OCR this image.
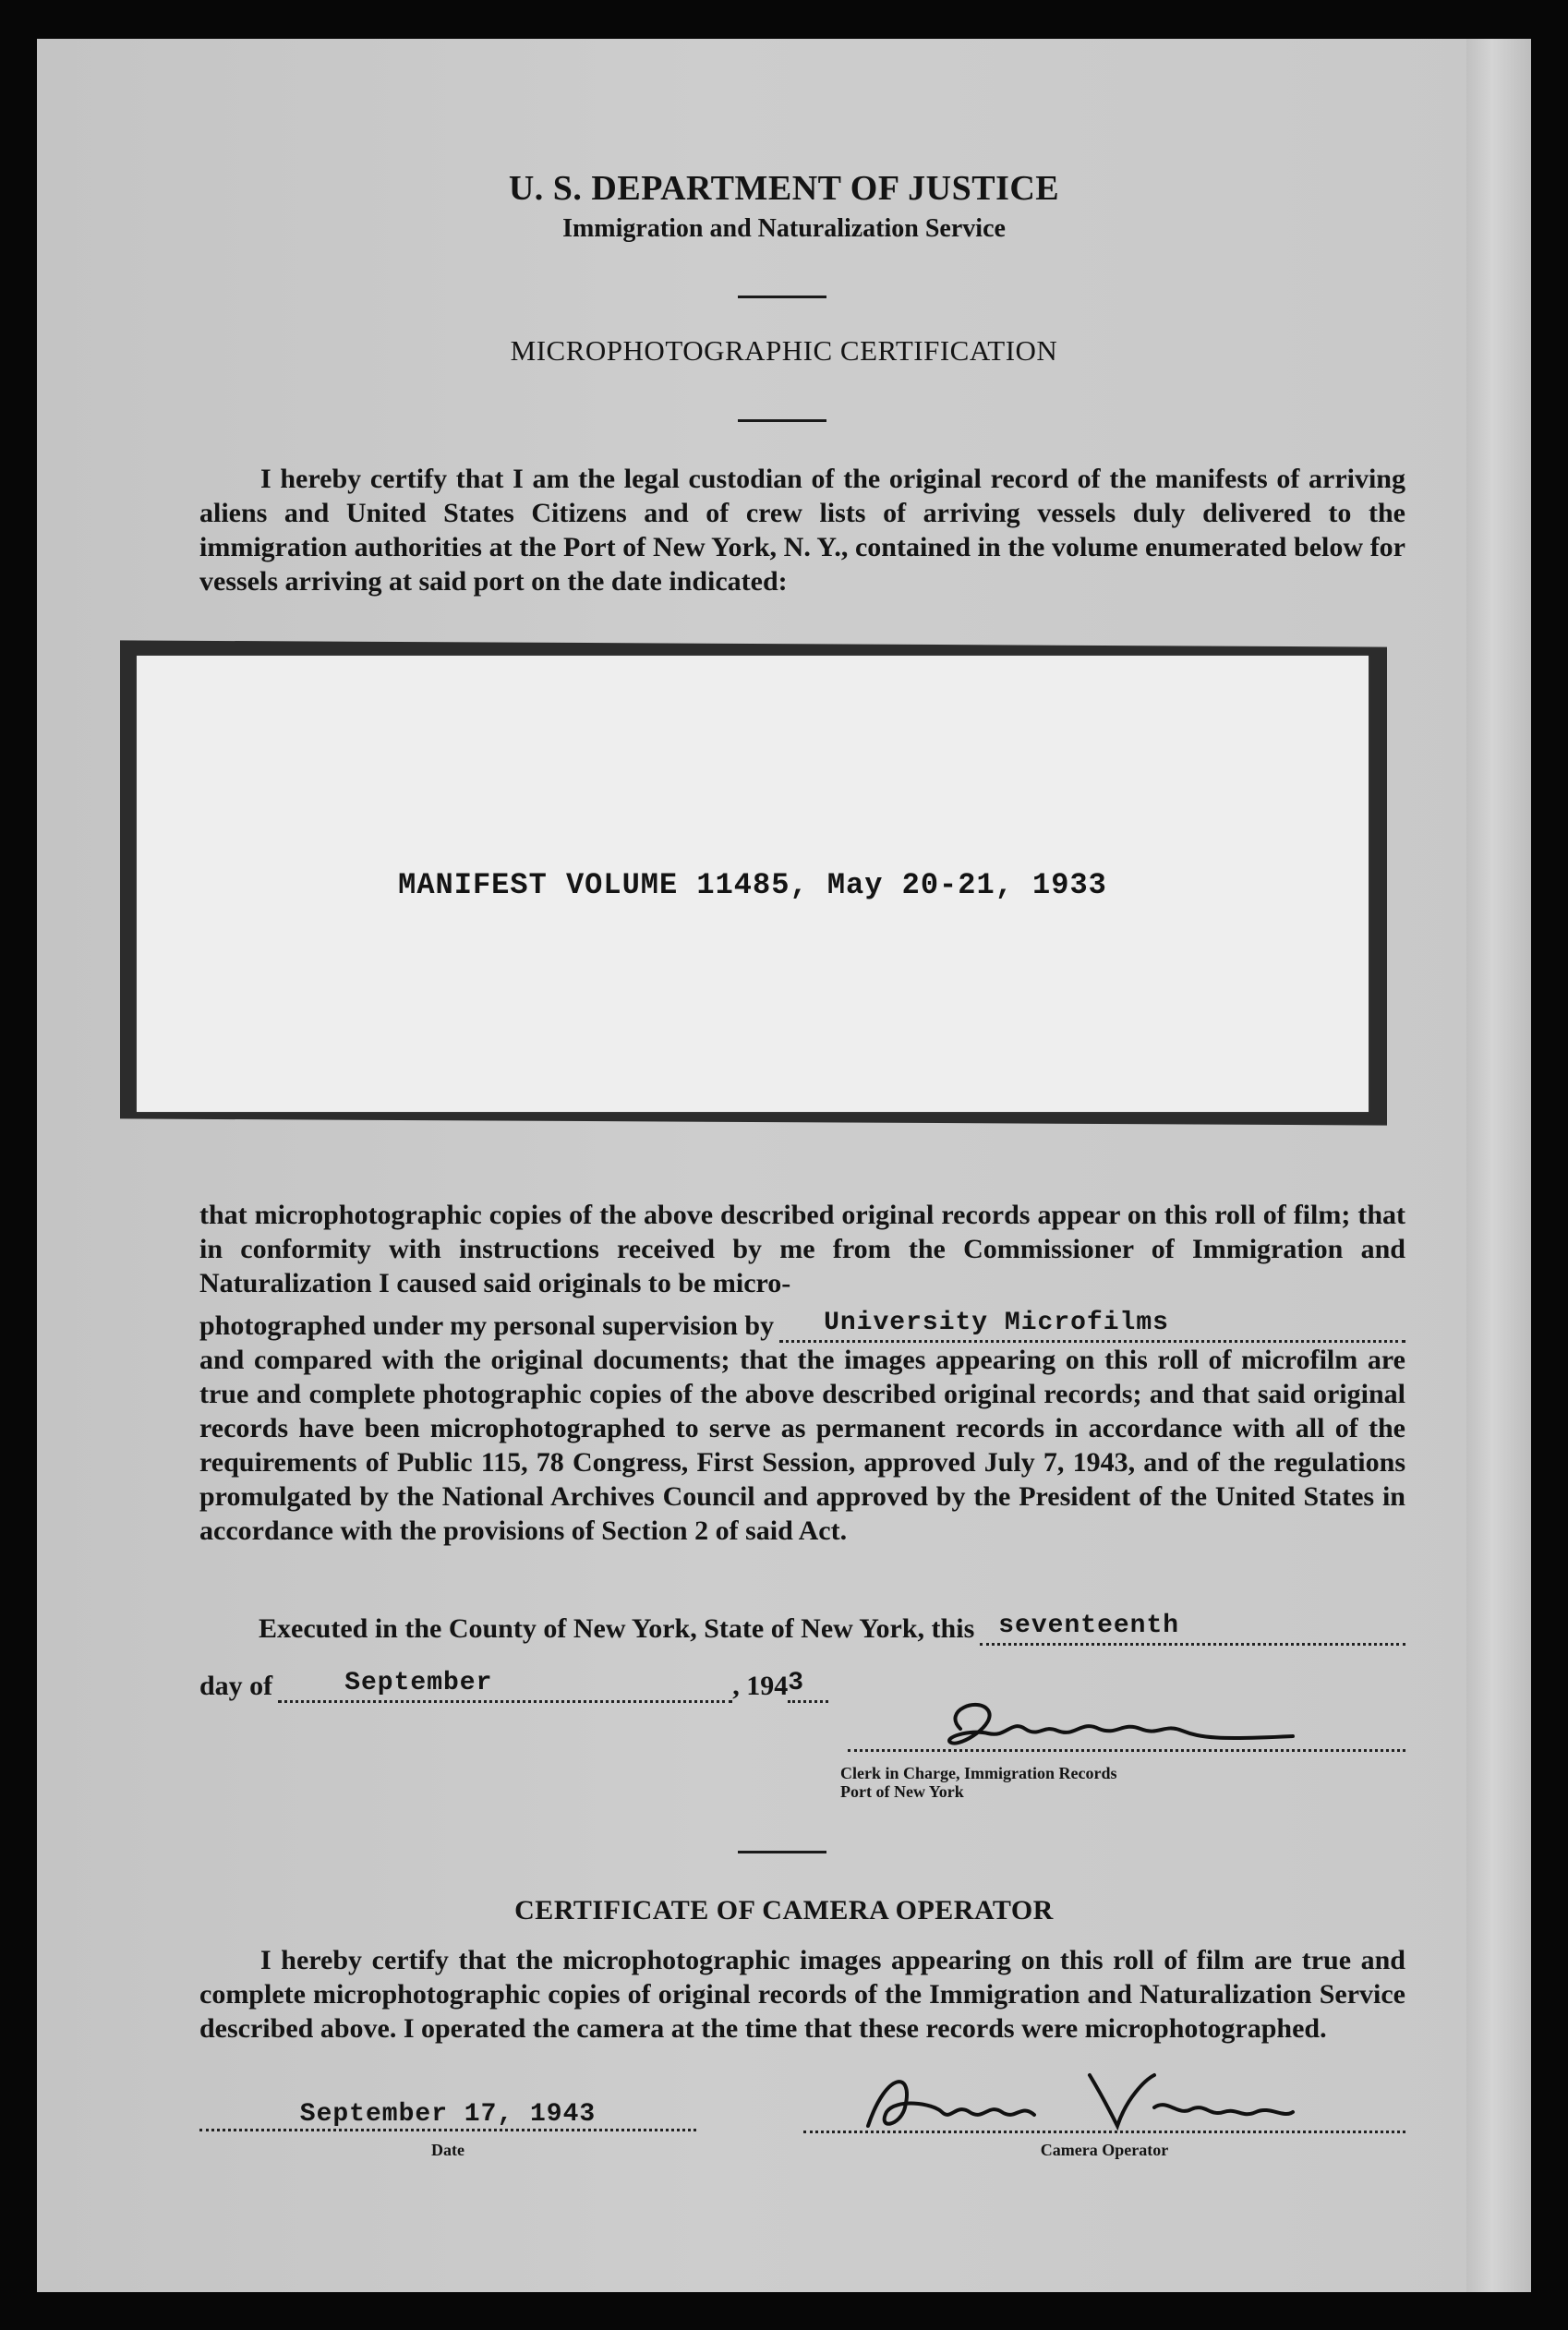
U. S. DEPARTMENT OF JUSTICE
Immigration and Naturalization Service
MICROPHOTOGRAPHIC CERTIFICATION
I hereby certify that I am the legal custodian of the original record of the manifests of arriving aliens and United States Citizens and of crew lists of arriving vessels duly delivered to the immigration authorities at the Port of New York, N. Y., contained in the volume enumerated below for vessels arriving at said port on the date indicated:
MANIFEST VOLUME 11485, May 20-21, 1933
that microphotographic copies of the above described original records appear on this roll of film; that in conformity with instructions received by me from the Commissioner of Immigration and Naturalization I caused said originals to be micro-
photographed under my personal supervision by	University Microfilms
and compared with the original documents; that the images appearing on this roll of microfilm are true and complete photographic copies of the above described original records; and that said original records have been microphotographed to serve as permanent records in accordance with all of the requirements of Public 115, 78 Congress, First Session, approved July 7, 1943, and of the regulations promulgated by the National Archives Council and approved by the President of the United States in accordance with the provisions of Section 2 of said Act.
Executed in the County of New York, State of New York, this seventeenth
day of	September	, 194 3
Clerk in Charge, Immigration Records
Port of New York
CERTIFICATE OF CAMERA OPERATOR
I hereby certify that the microphotographic images appearing on this roll of film are true and complete microphotographic copies of original records of the Immigration and Naturalization Service described above. I operated the camera at the time that these records were microphotographed.
September 17, 1943
Date	Camera Operator
